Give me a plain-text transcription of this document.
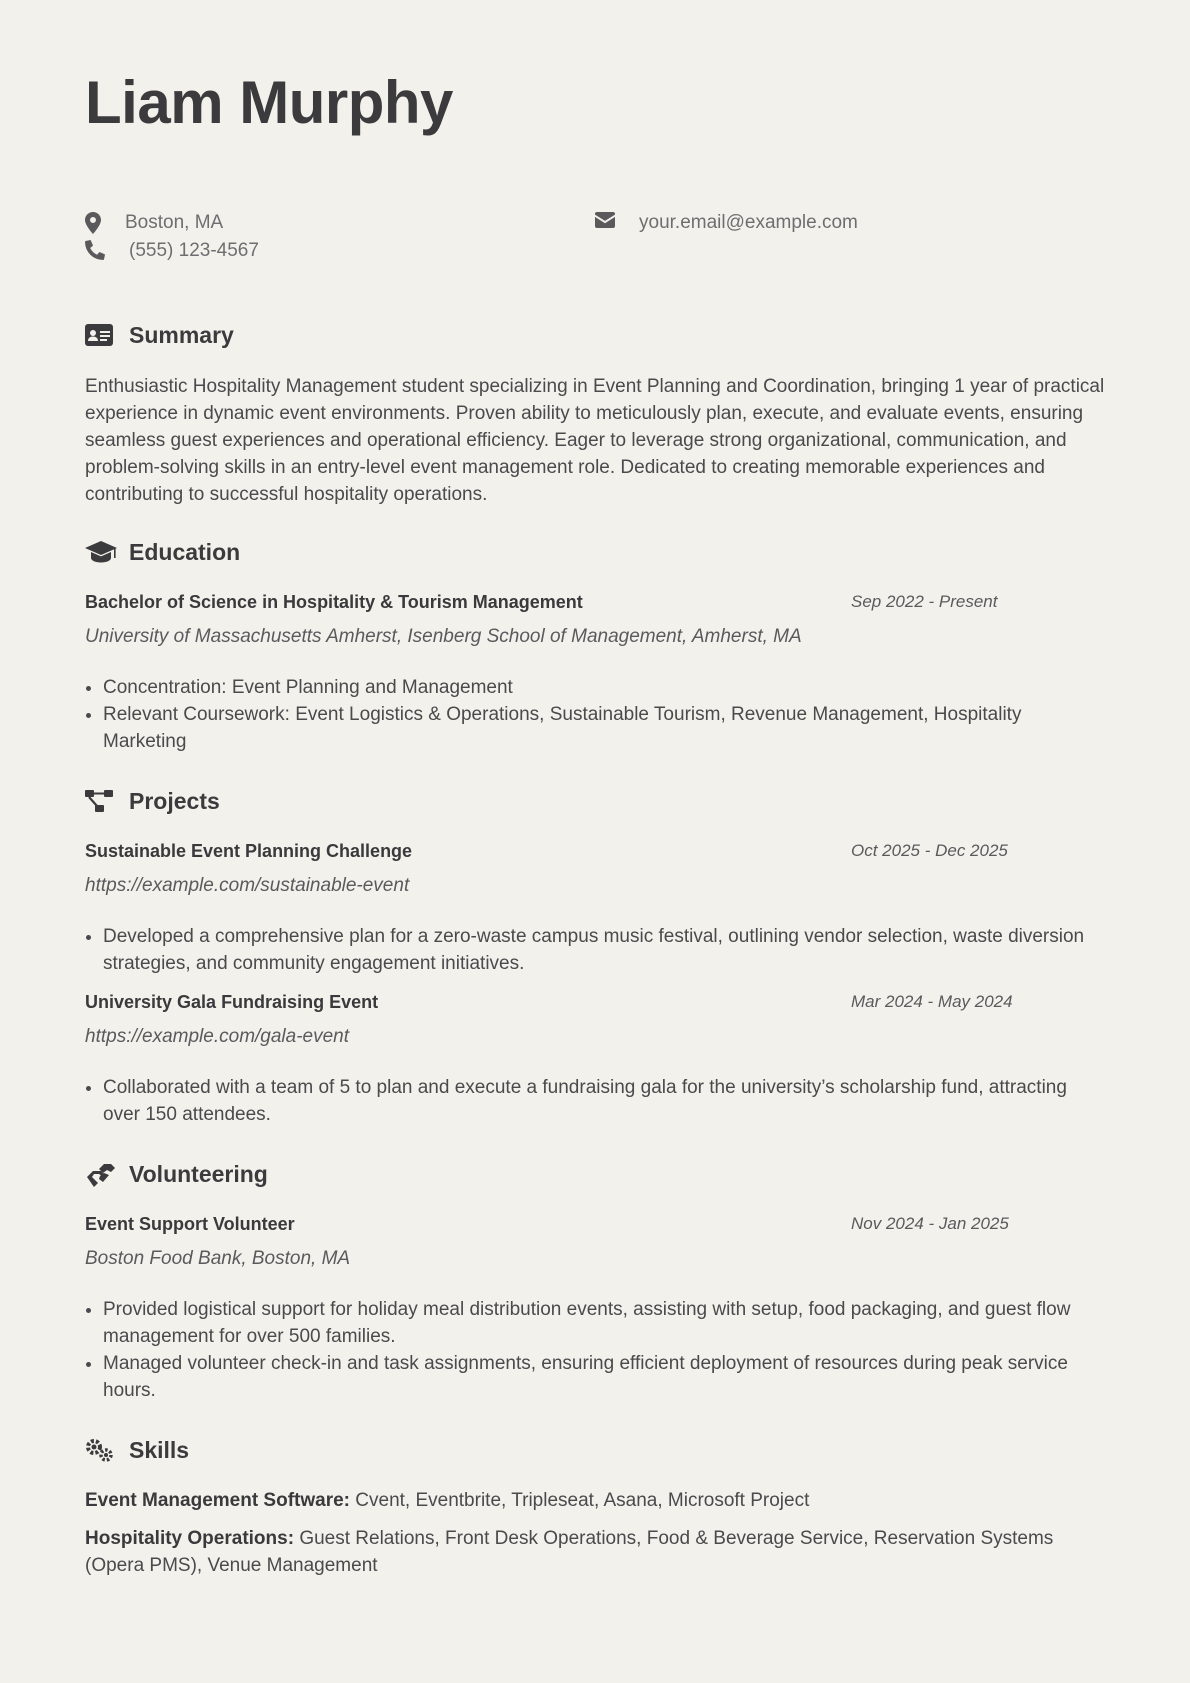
Liam Murphy
Boston, MA
(555) 123-4567
your.email@example.com
Summary

Enthusiastic Hospitality Management student specializing in Event Planning and Coordination, bringing 1 year of practical experience in dynamic event environments. Proven ability to meticulously plan, execute, and evaluate events, ensuring seamless guest experiences and operational efficiency. Eager to leverage strong organizational, communication, and problem-solving skills in an entry-level event management role. Dedicated to creating memorable experiences and contributing to successful hospitality operations.

Education
Bachelor of Science in Hospitality & Tourism Management	Sep 2022 - Present
University of Massachusetts Amherst, Isenberg School of Management, Amherst, MA
• Concentration: Event Planning and Management
• Relevant Coursework: Event Logistics & Operations, Sustainable Tourism, Revenue Management, Hospitality Marketing
Projects
Sustainable Event Planning Challenge	Oct 2025 - Dec 2025
https://example.com/sustainable-event
• Developed a comprehensive plan for a zero-waste campus music festival, outlining vendor selection, waste diversion strategies, and community engagement initiatives.
University Gala Fundraising Event	Mar 2024 - May 2024
https://example.com/gala-event
• Collaborated with a team of 5 to plan and execute a fundraising gala for the university’s scholarship fund, attracting over 150 attendees.
Volunteering
Event Support Volunteer	Nov 2024 - Jan 2025
Boston Food Bank, Boston, MA
• Provided logistical support for holiday meal distribution events, assisting with setup, food packaging, and guest flow management for over 500 families.
• Managed volunteer check-in and task assignments, ensuring efficient deployment of resources during peak service hours.
Skills

Event Management Software: Cvent, Eventbrite, Tripleseat, Asana, Microsoft Project

Hospitality Operations: Guest Relations, Front Desk Operations, Food & Beverage Service, Reservation Systems (Opera PMS), Venue Management
